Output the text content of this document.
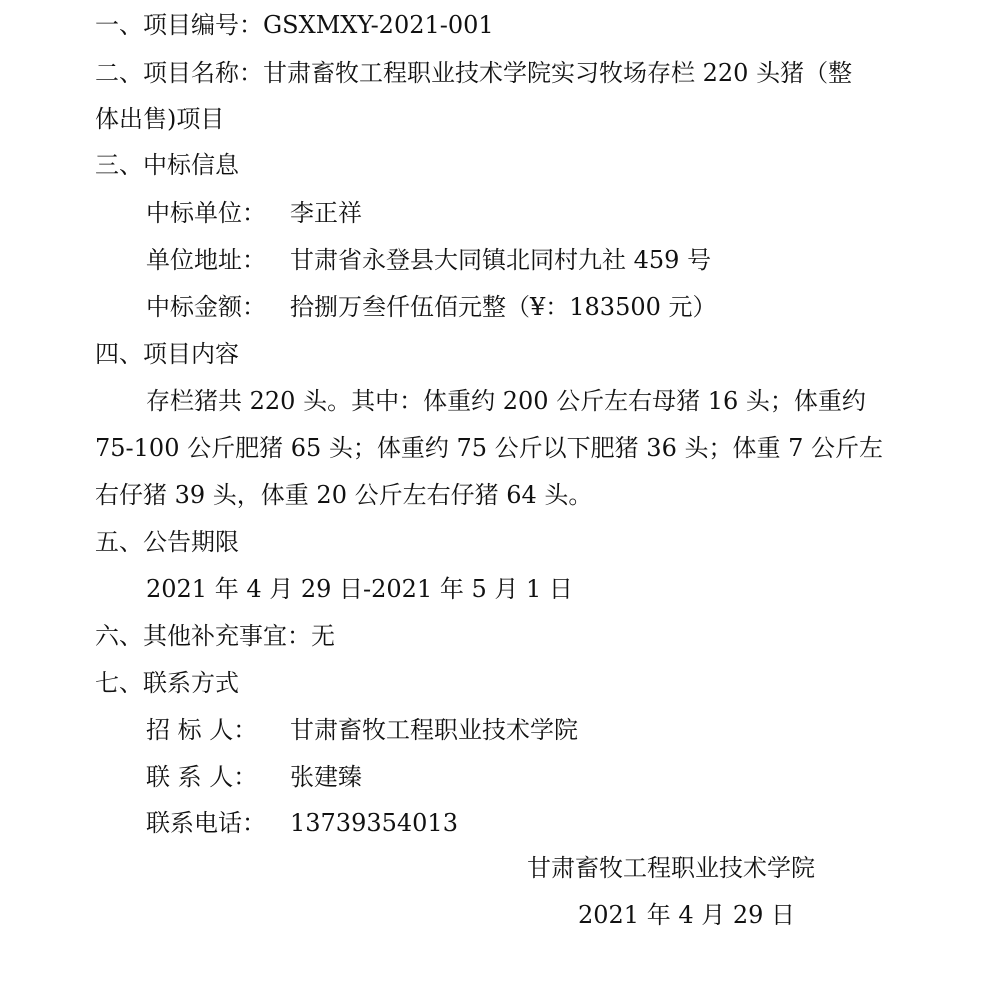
一、项目编号：GSXMXY-2021-001
二、项目名称：甘肃畜牧工程职业技术学院实习牧场存栏 220 头猪（整
体出售)项目
三、中标信息
中标单位： 李正祥
单位地址： 甘肃省永登县大同镇北同村九社 459 号
中标金额： 拾捌万叁仟伍佰元整（¥：183500 元）
四、项目内容
存栏猪共 220 头。其中：体重约 200 公斤左右母猪 16 头；体重约
75-100 公斤肥猪 65 头；体重约 75 公斤以下肥猪 36 头；体重 7 公斤左
右仔猪 39 头，体重 20 公斤左右仔猪 64 头。
五、公告期限
2021 年 4 月 29 日-2021 年 5 月 1 日
六、其他补充事宜：无
七、联系方式
招 标 人： 甘肃畜牧工程职业技术学院
联 系 人： 张建臻
联系电话： 13739354013
甘肃畜牧工程职业技术学院
2021 年 4 月 29 日
